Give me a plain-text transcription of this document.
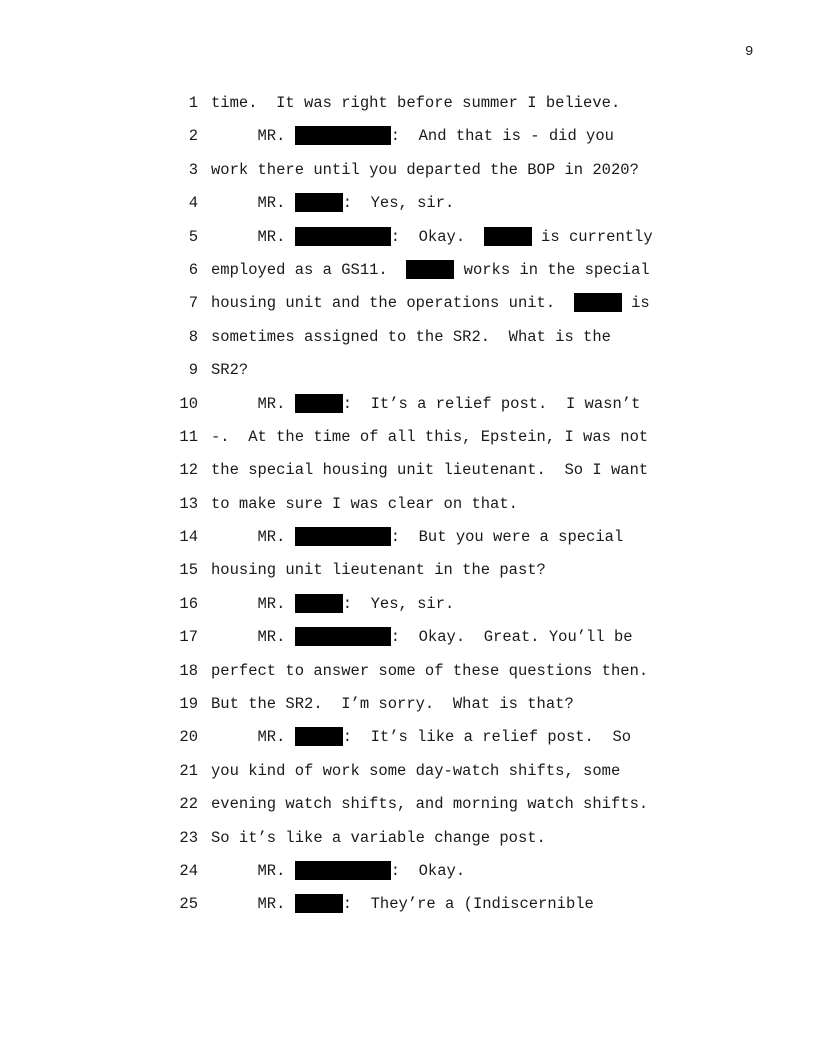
9
1 time.  It was right before summer I believe.
2 MR.	:  And that is - did you
3 work there until you departed the BOP in 2020?
4 MR.	:  Yes, sir.
5 MR.	:  Okay.	is currently
6 employed as a GS11.	works in the special
7 housing unit and the operations unit.	is
8 sometimes assigned to the SR2.  What is the
9 SR2?
10 MR.	:  It’s a relief post.  I wasn’t
11 -.  At the time of all this, Epstein, I was not
12 the special housing unit lieutenant.  So I want
13 to make sure I was clear on that.
14 MR.	:  But you were a special
15 housing unit lieutenant in the past?
16 MR.	:  Yes, sir.
17 MR.	:  Okay.  Great. You’ll be
18 perfect to answer some of these questions then.
19 But the SR2.  I’m sorry.  What is that?
20 MR.	:  It’s like a relief post.  So
21 you kind of work some day-watch shifts, some
22 evening watch shifts, and morning watch shifts.
23 So it’s like a variable change post.
24 MR.	:  Okay.
25 MR.	:  They’re a (Indiscernible
